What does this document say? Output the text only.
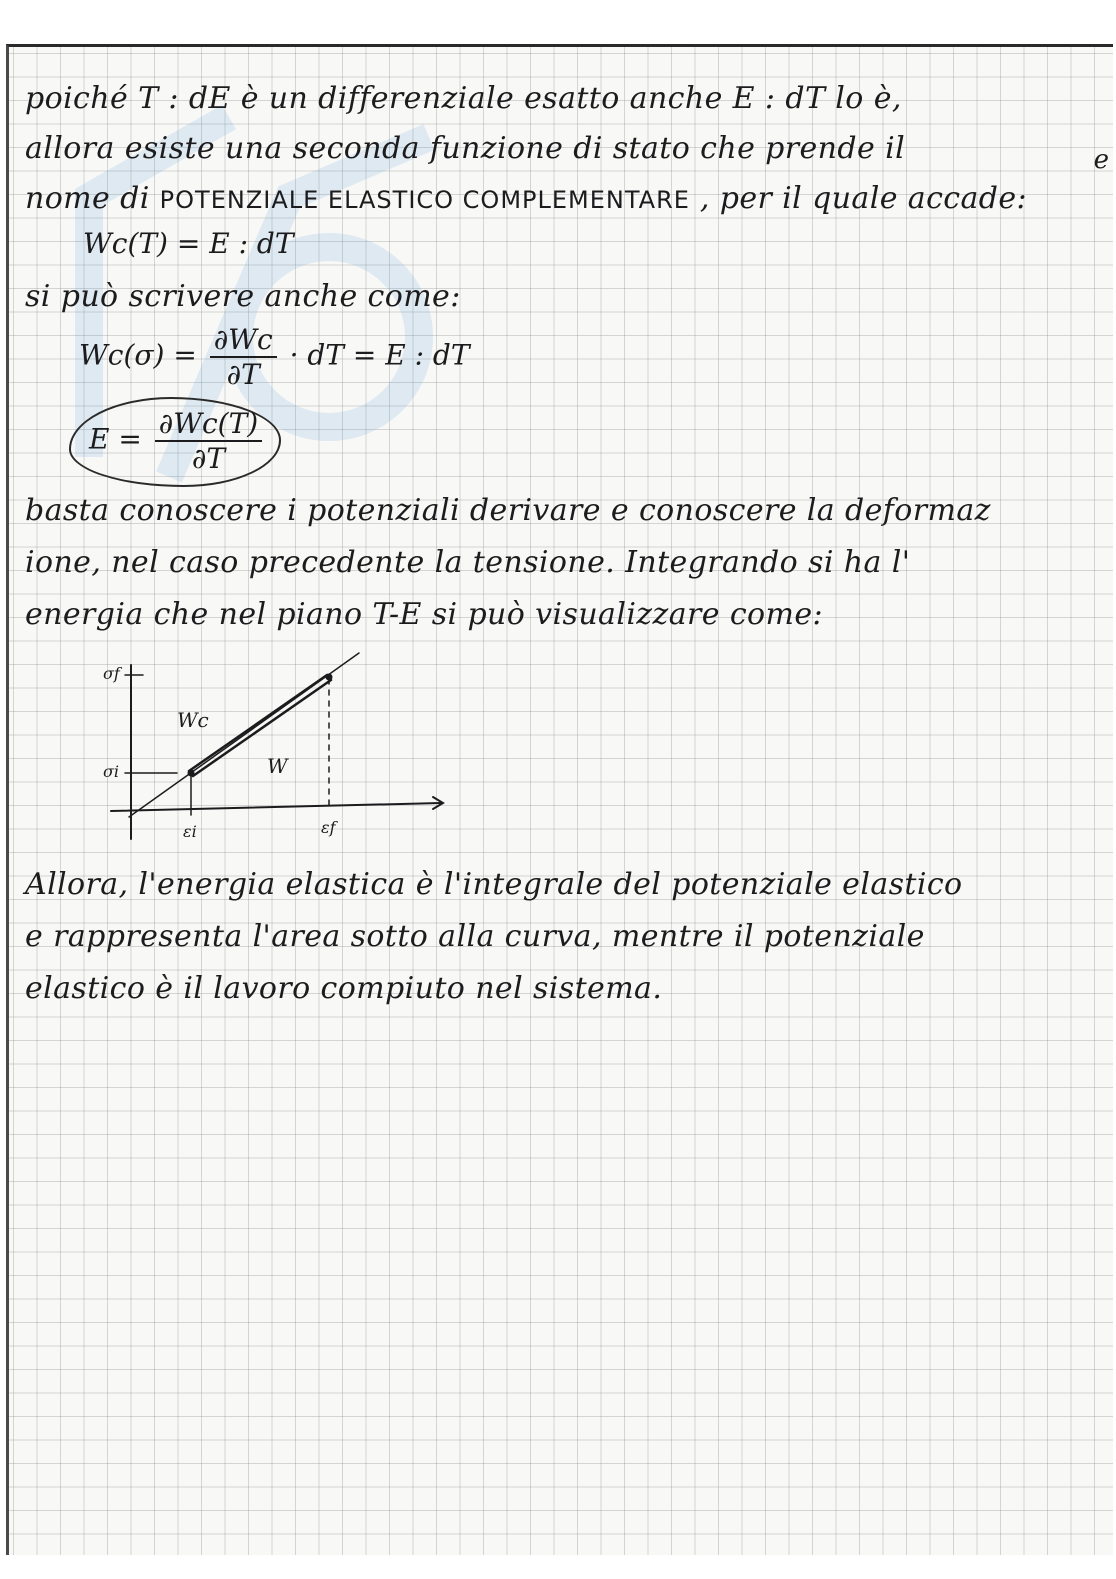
poiché T : dE è un differenziale esatto anche E : dT lo è,
allora esiste una seconda funzione di stato che prende il
nome di POTENZIALE ELASTICO COMPLEMENTARE , per il quale accade:
e
Wc(T) = E : dT
si può scrivere anche come:
$Wc(\sigma) = \frac{\partial Wc}{\partial T}$ · dT = E : dT
$E = \frac{\partial Wc(T)}{\partial T}$
basta conoscere i potenziali derivare e conoscere la deformaz
ione, nel caso precedente la tensione. Integrando si ha l'
energia che nel piano T-E si può visualizzare come:
σf
σi
εi	εf
Wc
W
Allora, l'energia elastica è l'integrale del potenziale elastico
e rappresenta l'area sotto alla curva, mentre il potenziale
elastico è il lavoro compiuto nel sistema.
